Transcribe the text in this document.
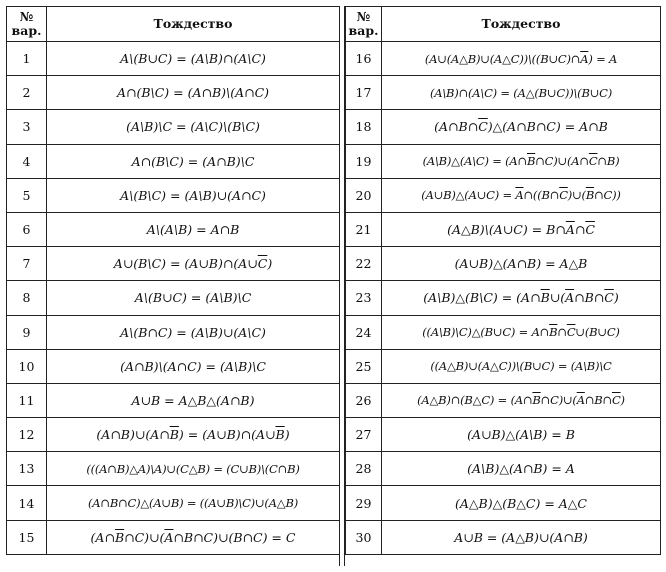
№
вар.	Тождество
1	A\(B∪C) = (A\B)∩(A\C)
2	A∩(B\C) = (A∩B)\(A∩C)
3	(A\B)\C = (A\C)\(B\C)
4	A∩(B\C) = (A∩B)\C
5	A\(B\C) = (A\B)∪(A∩C)
6	A\(A\B) = A∩B
7	A∪(B\C) = $(A\cup B)\cap(A\cup\overline{C})$
8	A\(B∪C) = (A\B)\C
9	A\(B∩C) = (A\B)∪(A\C)
10	(A∩B)\(A∩C) = (A\B)\C
11	A∪B = A△B△(A∩B)
12	$(A\cap B)\cup(A\cap\overline{B})$ = $(A\cup B)\cap(A\cup\overline{B})$
13	(((A∩B)△A)\A)∪(C△B) = (C∪B)\(C∩B)
14	(A∩B∩C)△(A∪B) = ((A∪B)\C)∪(A△B)
15	$(A\cap\overline{B}\cap C)\cup(\overline{A}\cap B\cap C)\cup(B\cap C) = C$
№
вар.	Тождество
16	$(A\cup(A\triangle B)\cup(A\triangle C))\backslash((B\cup C)\cap\overline{A}) = A$
17	(A\B)∩(A\C) = (A△(B∪C))\(B∪C)
18	$(A\cap B\cap\overline{C})\triangle(A\cap B\cap C)$ = A∩B
19	(A\B)△(A\C) = $(A\cap\overline{B}\cap C)\cup(A\cap\overline{C}\cap B)$
20	(A∪B)△(A∪C) = $\overline{A}\cap((B\cap\overline{C})\cup(\overline{B}\cap C))$
21	(A△B)\(A∪C) = $B\cap\overline{A}\cap\overline{C}$
22	(A∪B)△(A∩B) = A△B
23	(A\B)△(B\C) = ($A\cap\overline{B}\cup(\overline{A}\cap B\cap\overline{C})$
24	((A\B)\C)△(B∪C) = $A\cap\overline{B}\cap\overline{C}\cup(B\cup C)$
25	((A△B)∪(A△C))\(B∪C) = (A\B)\C
26	(A△B)∩(B△C) = $(A\cap\overline{B}\cap C)\cup(\overline{A}\cap B\cap\overline{C})$
27	(A∪B)△(A\B) = B
28	(A\B)△(A∩B) = A
29	(A△B)△(B△C) = A△C
30	A∪B = (A△B)∪(A∩B)
